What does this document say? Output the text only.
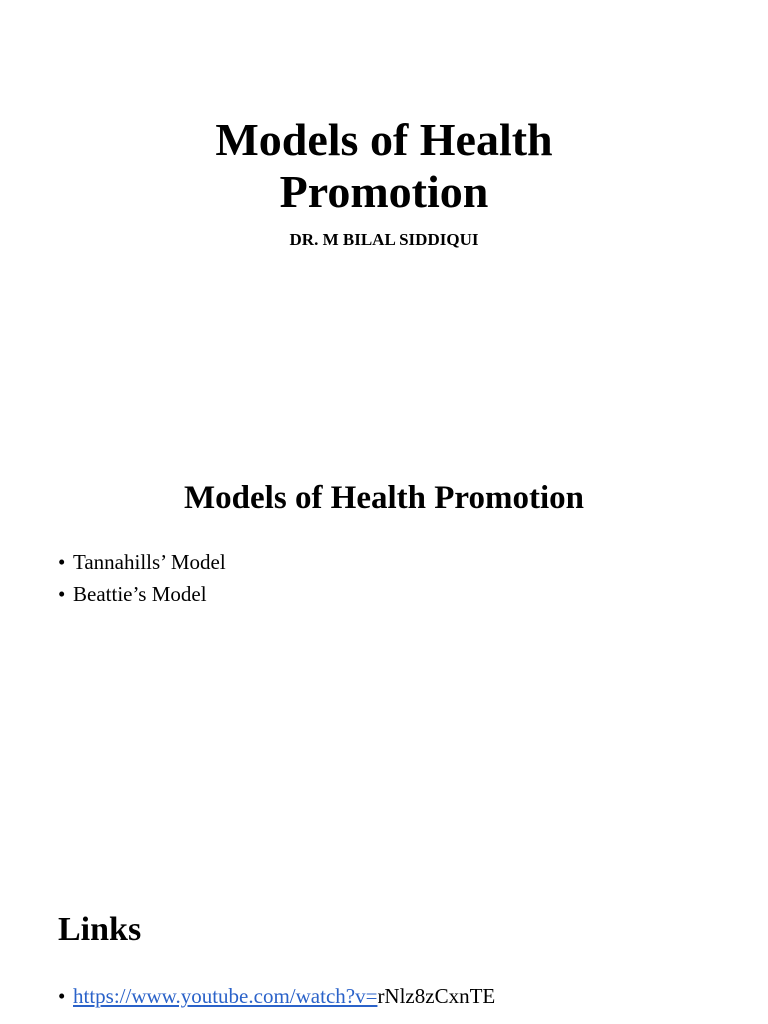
Models of Health
Promotion

DR. M BILAL SIDDIQUI

Models of Health Promotion
• Tannahills’ Model
• Beattie’s Model
Links
• https://www.youtube.com/watch?v=rNlz8zCxnTE
